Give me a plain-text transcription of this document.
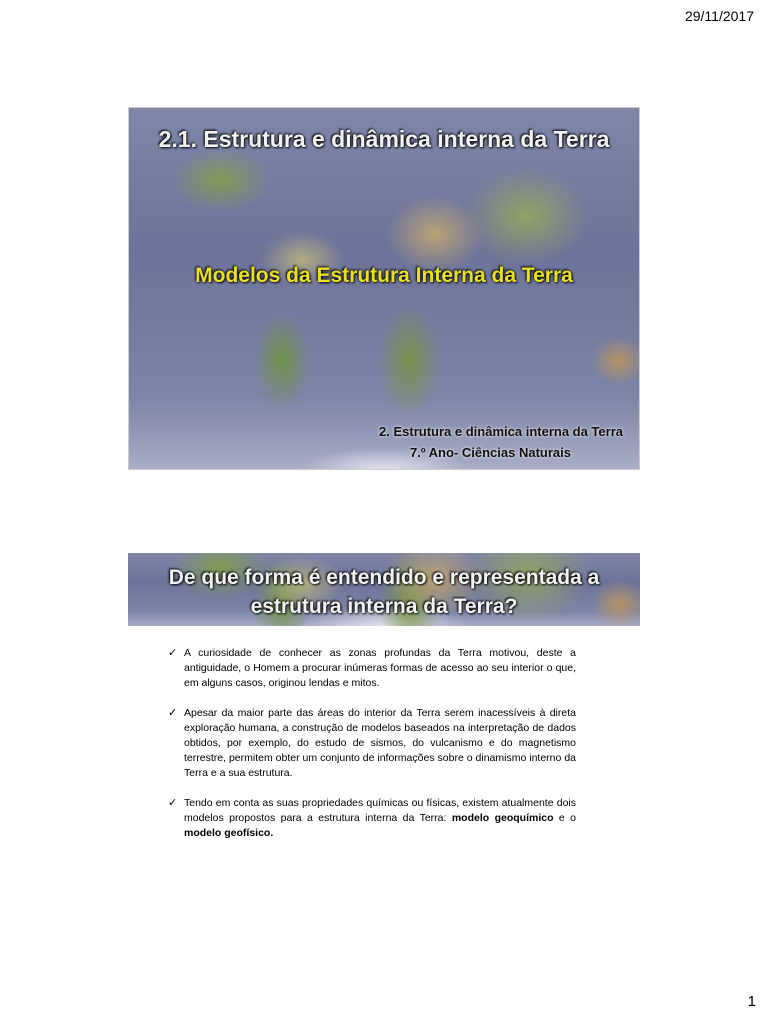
29/11/2017
2.1. Estrutura e dinâmica interna da Terra
Modelos da Estrutura Interna da Terra
2. Estrutura e dinâmica interna da Terra
7.º Ano- Ciências Naturais
De que forma é entendido e representada a
estrutura interna da Terra?
✓ A curiosidade de conhecer as zonas profundas da Terra motivou, deste a antiguidade, o Homem a procurar inúmeras formas de acesso ao seu interior o que, em alguns casos, originou lendas e mitos.
✓ Apesar da maior parte das áreas do interior da Terra serem inacessíveis à direta exploração humana, a construção de modelos baseados na interpretação de dados obtidos, por exemplo, do estudo de sismos, do vulcanismo e do magnetismo terrestre, permitem obter um conjunto de informações sobre o dinamismo interno da Terra e a sua estrutura.
✓ Tendo em conta as suas propriedades químicas ou físicas, existem atualmente dois modelos propostos para a estrutura interna da Terra: modelo geoquímico e o modelo geofísico.
1
